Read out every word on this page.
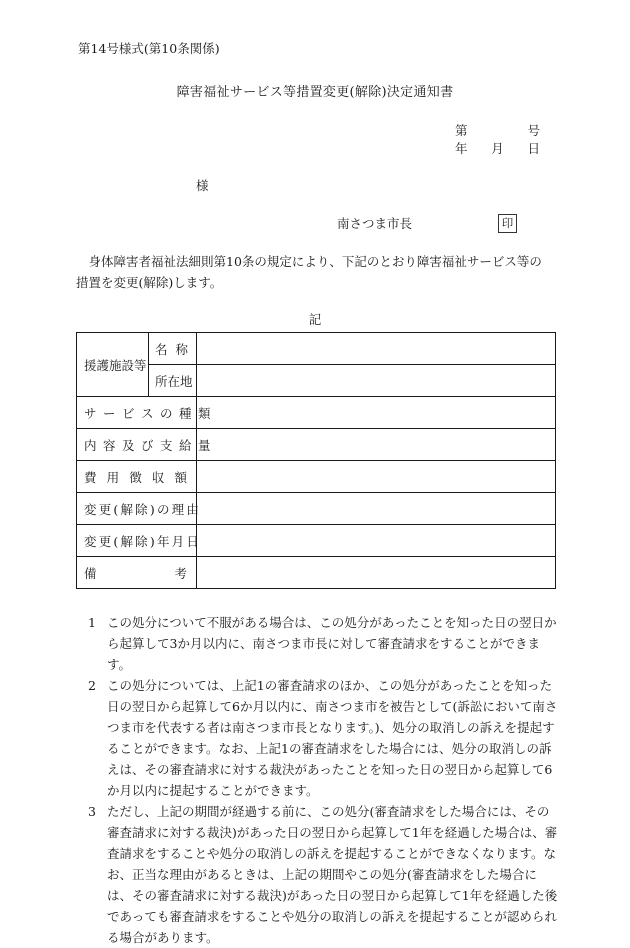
第14号様式(第10条関係)
障害福祉サービス等措置変更(解除)決定通知書
第	号
年 月 日
様
南さつま市長	印

身体障害者福祉法細則第10条の規定により、下記のとおり障害福祉サービス等の措置を変更(解除)します。

記
援護施設等	名 称	

	所在地	
サービスの種類		
内容及び支給量		

費 用 徴 収 額		

変更(解除)の理由		
変更(解除)年月日		

備 考		

1 この処分について不服がある場合は、この処分があったことを知った日の翌日から起算して3か月以内に、南さつま市長に対して審査請求をすることができます。
2 この処分については、上記1の審査請求のほか、この処分があったことを知った日の翌日から起算して6か月以内に、南さつま市を被告として(訴訟において南さつま市を代表する者は南さつま市長となります。)、処分の取消しの訴えを提起することができます。なお、上記1の審査請求をした場合には、処分の取消しの訴えは、その審査請求に対する裁決があったことを知った日の翌日から起算して6か月以内に提起することができます。
3 ただし、上記の期間が経過する前に、この処分(審査請求をした場合には、その審査請求に対する裁決)があった日の翌日から起算して1年を経過した場合は、審査請求をすることや処分の取消しの訴えを提起することができなくなります。なお、正当な理由があるときは、上記の期間やこの処分(審査請求をした場合には、その審査請求に対する裁決)があった日の翌日から起算して1年を経過した後であっても審査請求をすることや処分の取消しの訴えを提起することが認められる場合があります。
